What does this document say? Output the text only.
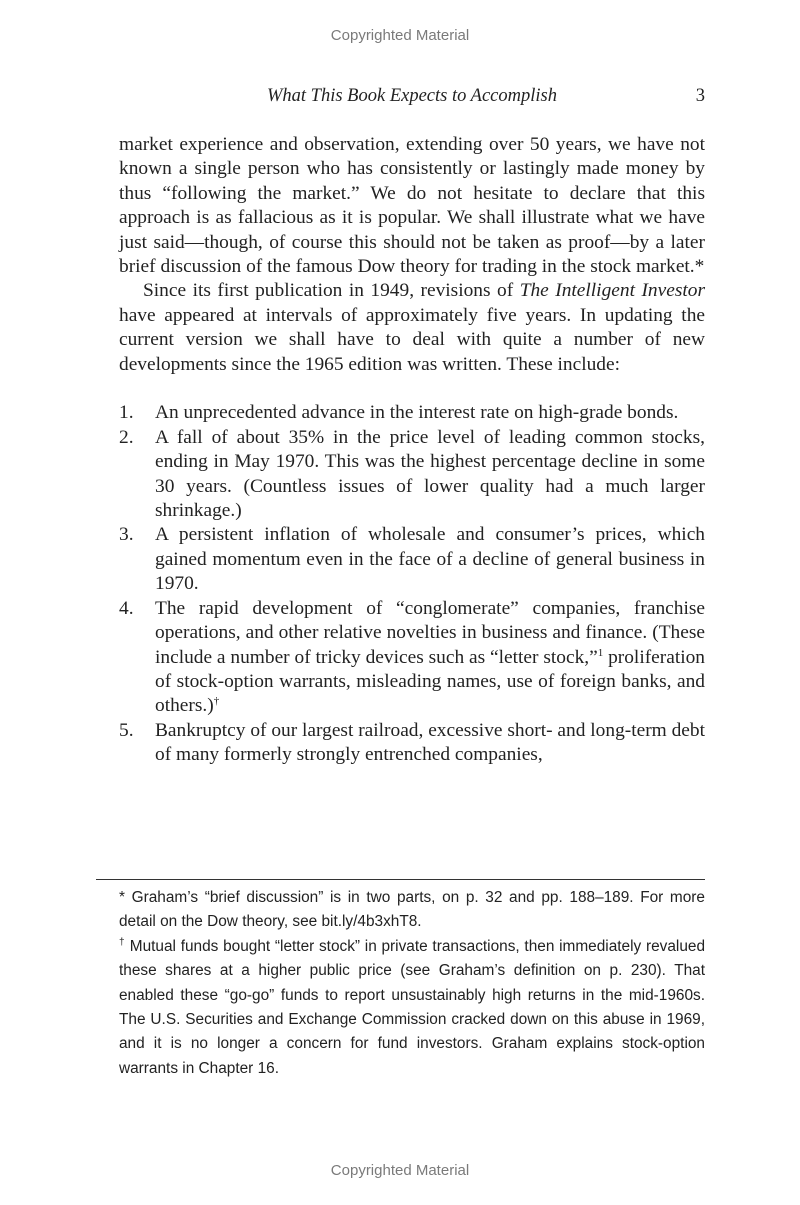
Copyrighted Material
What This Book Expects to Accomplish	3

market experience and observation, extending over 50 years, we have not known a single person who has consistently or lastingly made money by thus “following the market.” We do not hesitate to declare that this approach is as fallacious as it is popular. We shall illustrate what we have just said—though, of course this should not be taken as proof—by a later brief discussion of the famous Dow theory for trading in the stock market.*

Since its first publication in 1949, revisions of The Intelligent Investor have appeared at intervals of approximately five years. In updating the current version we shall have to deal with quite a number of new developments since the 1965 edition was written. These include:

1. An unprecedented advance in the interest rate on high-grade bonds.
2. A fall of about 35% in the price level of leading common stocks, ending in May 1970. This was the highest percentage decline in some 30 years. (Countless issues of lower quality had a much larger shrinkage.)
3. A persistent inflation of wholesale and consumer’s prices, which gained momentum even in the face of a decline of general business in 1970.
4. The rapid development of “conglomerate” companies, franchise operations, and other relative novelties in business and finance. (These include a number of tricky devices such as “letter stock,”$^1$ proliferation of stock-option warrants, misleading names, use of foreign banks, and others.)†
5. Bankruptcy of our largest railroad, excessive short- and long-term debt of many formerly strongly entrenched companies,

* Graham’s “brief discussion” is in two parts, on p. 32 and pp. 188–189. For more detail on the Dow theory, see bit.ly/4b3xhT8.

† Mutual funds bought “letter stock” in private transactions, then immediately revalued these shares at a higher public price (see Graham’s definition on p. 230). That enabled these “go-go” funds to report unsustainably high returns in the mid-1960s. The U.S. Securities and Exchange Commission cracked down on this abuse in 1969, and it is no longer a concern for fund investors. Graham explains stock-option warrants in Chapter 16.

Copyrighted Material
